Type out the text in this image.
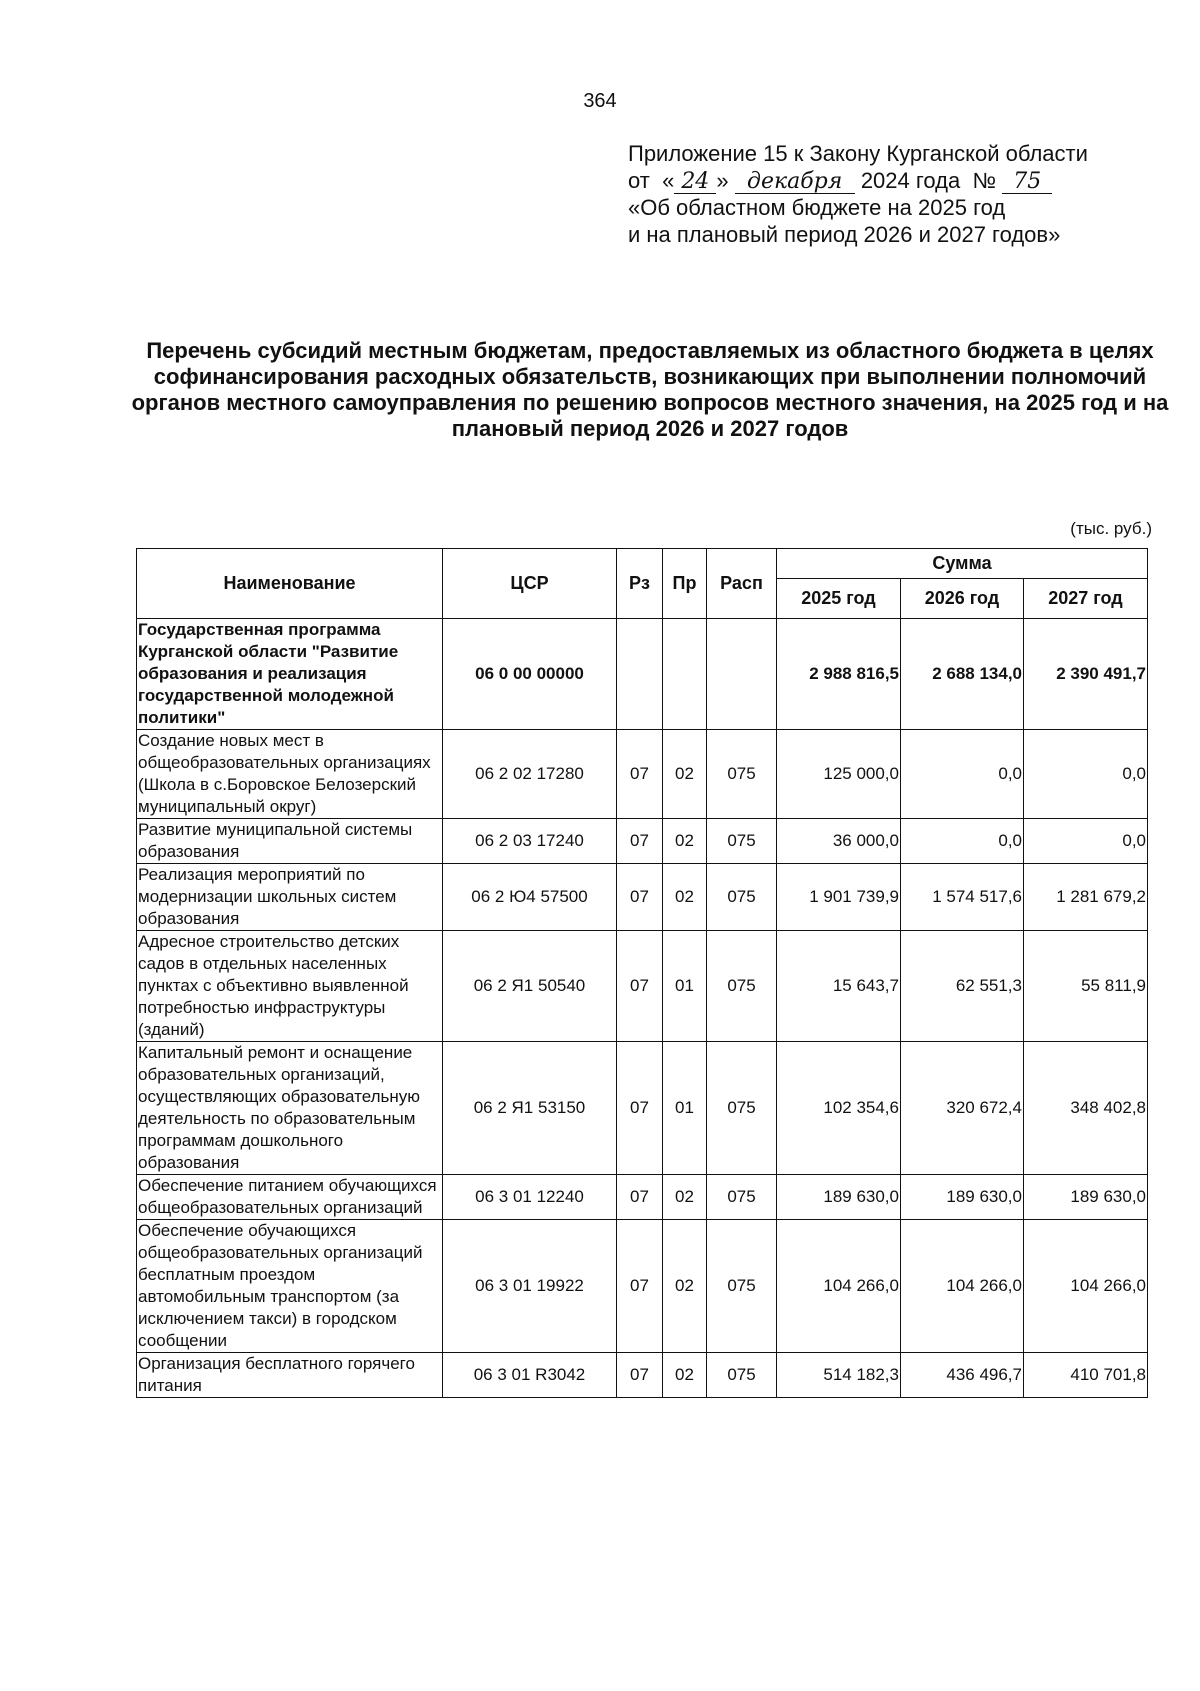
364
Приложение 15 к Закону Курганской области
от « 24 » декабря 2024 года № 75
«Об областном бюджете на 2025 год
и на плановый период 2026 и 2027 годов»
Перечень субсидий местным бюджетам, предоставляемых из областного бюджета в целях софинансирования расходных обязательств, возникающих при выполнении полномочий органов местного самоуправления по решению вопросов местного значения, на 2025 год и на плановый период 2026 и 2027 годов
(тыс. руб.)
Наименование	ЦСР	Рз	Пр	Расп	Сумма		
					2025 год	2026 год	2027 год
Государственная программа Курганской области "Развитие образования и реализация государственной молодежной политики"	06 0 00 00000				2 988 816,5	2 688 134,0	2 390 491,7
Создание новых мест в общеобразовательных организациях (Школа в с.Боровское Белозерский муниципальный округ)	06 2 02 17280	07	02	075	125 000,0	0,0	0,0
Развитие муниципальной системы образования	06 2 03 17240	07	02	075	36 000,0	0,0	0,0
Реализация мероприятий по модернизации школьных систем образования	06 2 Ю4 57500	07	02	075	1 901 739,9	1 574 517,6	1 281 679,2
Адресное строительство детских садов в отдельных населенных пунктах с объективно выявленной потребностью инфраструктуры (зданий)	06 2 Я1 50540	07	01	075	15 643,7	62 551,3	55 811,9
Капитальный ремонт и оснащение образовательных организаций, осуществляющих образовательную деятельность по образовательным программам дошкольного образования	06 2 Я1 53150	07	01	075	102 354,6	320 672,4	348 402,8
Обеспечение питанием обучающихся общеобразовательных организаций	06 3 01 12240	07	02	075	189 630,0	189 630,0	189 630,0
Обеспечение обучающихся общеобразовательных организаций бесплатным проездом автомобильным транспортом (за исключением такси) в городском сообщении	06 3 01 19922	07	02	075	104 266,0	104 266,0	104 266,0
Организация бесплатного горячего питания	06 3 01 R3042	07	02	075	514 182,3	436 496,7	410 701,8
